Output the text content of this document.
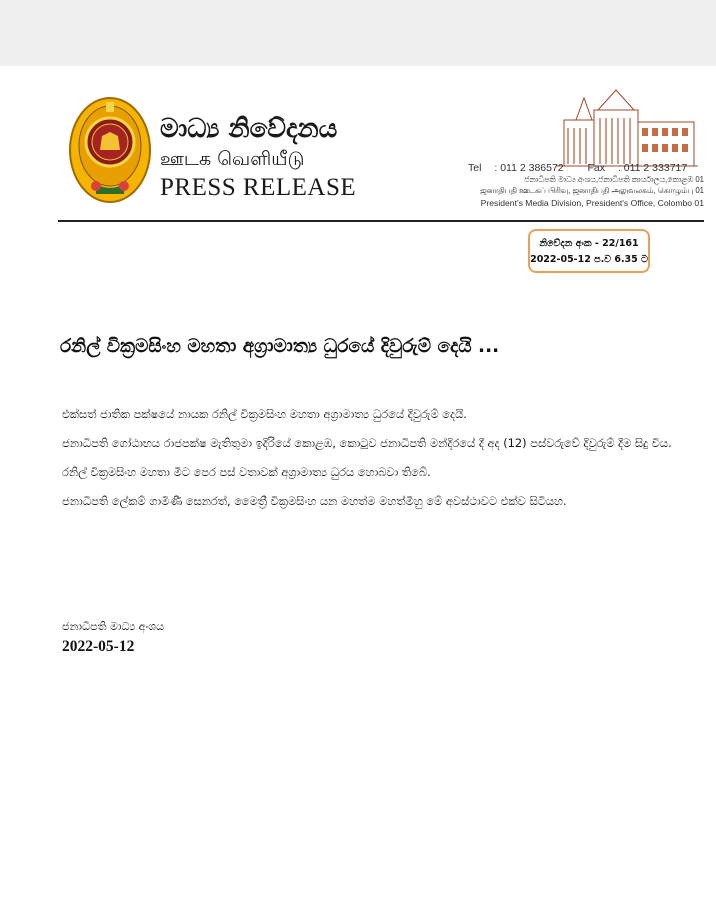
මාධ්‍ය නිවේදනය
ஊடக வெளியீடு
PRESS RELEASE
Tel : 011 2 386572 Fax : 011 2 333717
ජනාධිපති මාධ්‍ය අංශය,ජනාධිපති කාර්යාලය,කොළඹ 01
ஜனாதிபதி ஊடகப் பிரிவு, ஜனாதிபதி அலுவலகம், கொழும்பு 01
President's Media Division, President's Office, Colombo 01
නිවේදන අංක - 22/161
2022-05-12 ප.ව 6.35 ට
රනිල් වික්‍රමසිංහ මහතා අග්‍රාමාත්‍ය ධුරයේ දිවුරුම් දෙයි ...

එක්සත් ජාතික පක්ෂයේ නායක රනිල් වික්‍රමසිංහ මහතා අග්‍රාමාත්‍ය ධුරයේ දිවුරුම් දෙයි.

ජනාධිපති ගෝඨාභය රාජපක්ෂ මැතිතුමා ඉදිරියේ කොළඹ, කොටුව ජනාධිපති මන්දිරයේ දී අද (12) පස්වරුවේ දිවුරුම් දීම සිදු විය.

රනිල් වික්‍රමසිංහ මහතා මීට පෙර පස් වතාවක් අග්‍රාමාත්‍ය ධුරය හොබවා තිබේ.

ජනාධිපති ලේකම් ගාමිණී සෙනරත්, මෛත්‍රී වික්‍රමසිංහ යන මහත්ම මහත්මීහු මේ අවස්ථාවට එක්ව සිටියහ.

ජනාධිපති මාධ්‍ය අංශය
2022-05-12
